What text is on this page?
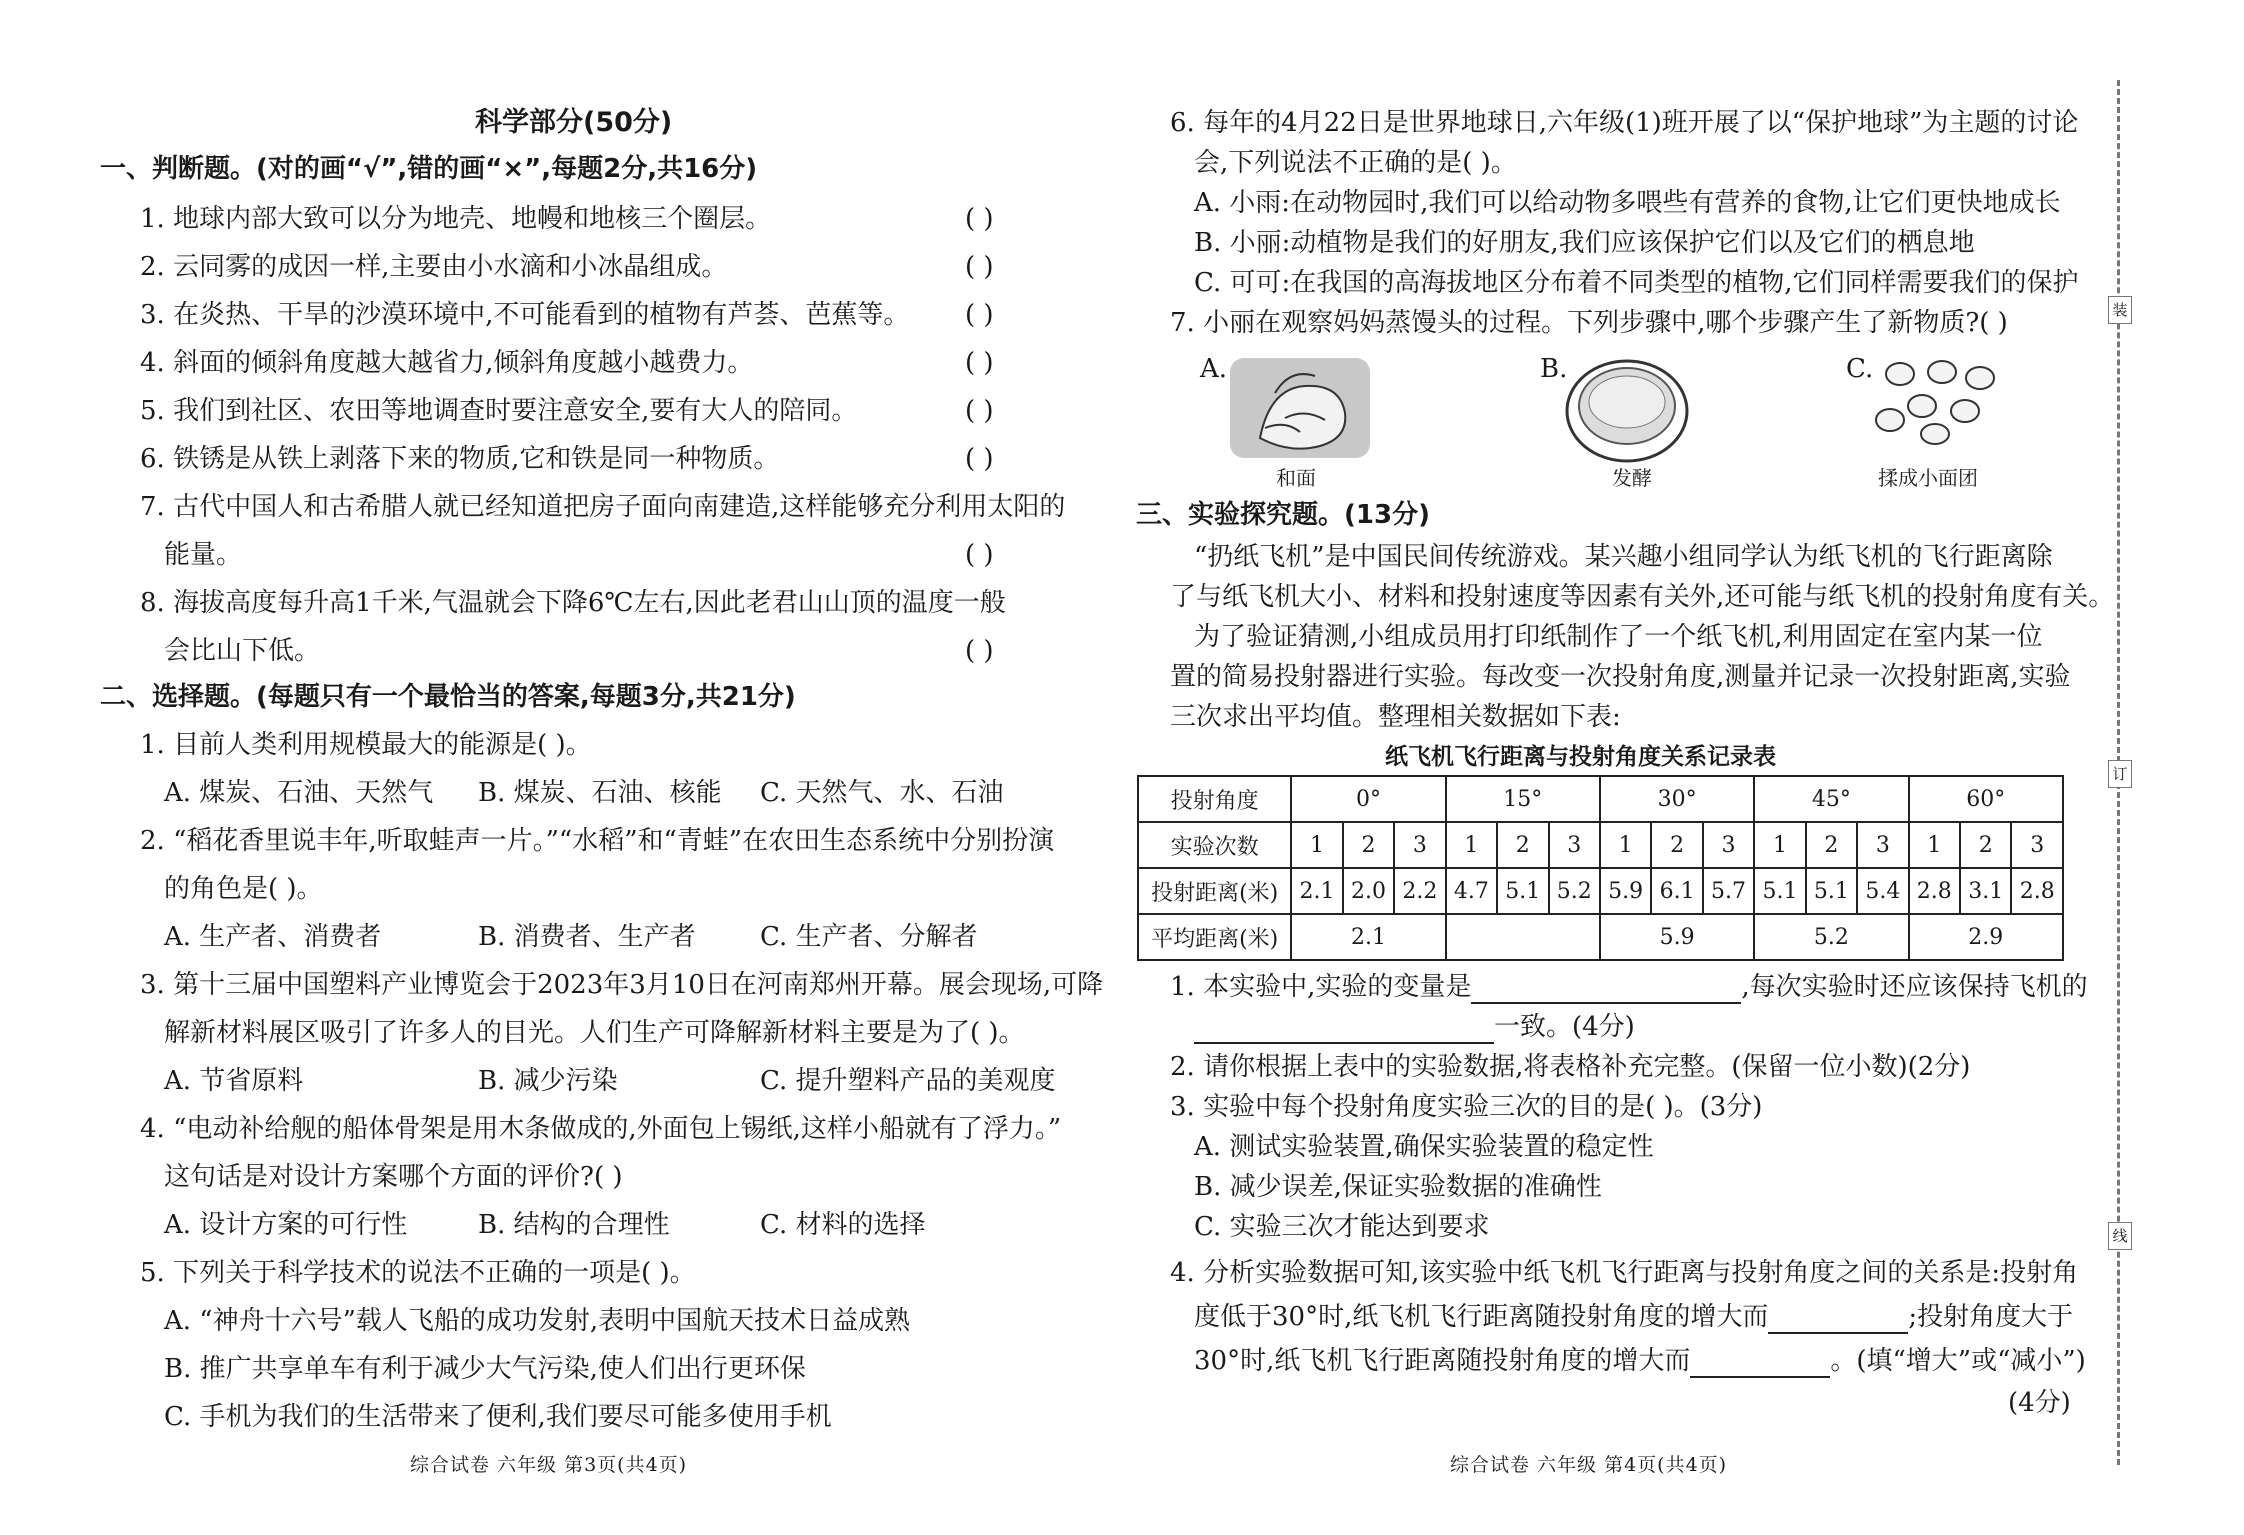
科学部分(50分)
一、判断题。(对的画“√”,错的画“×”,每题2分,共16分)
1. 地球内部大致可以分为地壳、地幔和地核三个圈层。	( )
2. 云同雾的成因一样,主要由小水滴和小冰晶组成。	( )
3. 在炎热、干旱的沙漠环境中,不可能看到的植物有芦荟、芭蕉等。 ( )
4. 斜面的倾斜角度越大越省力,倾斜角度越小越费力。	( )
5. 我们到社区、农田等地调查时要注意安全,要有大人的陪同。	( )
6. 铁锈是从铁上剥落下来的物质,它和铁是同一种物质。	( )
7. 古代中国人和古希腊人就已经知道把房子面向南建造,这样能够充分利用太阳的
能量。	( )
8. 海拔高度每升高1千米,气温就会下降6℃左右,因此老君山山顶的温度一般
会比山下低。	( )
二、选择题。(每题只有一个最恰当的答案,每题3分,共21分)
1. 目前人类利用规模最大的能源是( )。
A. 煤炭、石油、天然气 B. 煤炭、石油、核能 C. 天然气、水、石油
2. “稻花香里说丰年,听取蛙声一片。”“水稻”和“青蛙”在农田生态系统中分别扮演
的角色是( )。
A. 生产者、消费者	B. 消费者、生产者 C. 生产者、分解者
3. 第十三届中国塑料产业博览会于2023年3月10日在河南郑州开幕。展会现场,可降
解新材料展区吸引了许多人的目光。人们生产可降解新材料主要是为了( )。
A. 节省原料	B. 减少污染	C. 提升塑料产品的美观度
4. “电动补给舰的船体骨架是用木条做成的,外面包上锡纸,这样小船就有了浮力。”
这句话是对设计方案哪个方面的评价?( )
A. 设计方案的可行性	B. 结构的合理性	C. 材料的选择
5. 下列关于科学技术的说法不正确的一项是( )。
A. “神舟十六号”载人飞船的成功发射,表明中国航天技术日益成熟
B. 推广共享单车有利于减少大气污染,使人们出行更环保
C. 手机为我们的生活带来了便利,我们要尽可能多使用手机
综合试卷 六年级 第3页(共4页)
6. 每年的4月22日是世界地球日,六年级(1)班开展了以“保护地球”为主题的讨论
会,下列说法不正确的是( )。
A. 小雨:在动物园时,我们可以给动物多喂些有营养的食物,让它们更快地成长
B. 小丽:动植物是我们的好朋友,我们应该保护它们以及它们的栖息地
C. 可可:在我国的高海拔地区分布着不同类型的植物,它们同样需要我们的保护
7. 小丽在观察妈妈蒸馒头的过程。下列步骤中,哪个步骤产生了新物质?( )
A.
和面
B.
发酵
C.
揉成小面团
三、实验探究题。(13分)
“扔纸飞机”是中国民间传统游戏。某兴趣小组同学认为纸飞机的飞行距离除
了与纸飞机大小、材料和投射速度等因素有关外,还可能与纸飞机的投射角度有关。
为了验证猜测,小组成员用打印纸制作了一个纸飞机,利用固定在室内某一位
置的简易投射器进行实验。每改变一次投射角度,测量并记录一次投射距离,实验
三次求出平均值。整理相关数据如下表:
纸飞机飞行距离与投射角度关系记录表
投射角度	0°			15°			30°			45°			60°		
实验次数	1	2	3	1	2	3	1	2	3	1	2	3	1	2	3
投射距离(米)	2.1	2.0	2.2	4.7	5.1	5.2	5.9	6.1	5.7	5.1	5.1	5.4	2.8	3.1	2.8
平均距离(米)	2.1						5.9			5.2			2.9		
1. 本实验中,实验的变量是	,每次实验时还应该保持飞机的
一致。(4分)
2. 请你根据上表中的实验数据,将表格补充完整。(保留一位小数)(2分)
3. 实验中每个投射角度实验三次的目的是( )。(3分)
A. 测试实验装置,确保实验装置的稳定性
B. 减少误差,保证实验数据的准确性
C. 实验三次才能达到要求
4. 分析实验数据可知,该实验中纸飞机飞行距离与投射角度之间的关系是:投射角
度低于30°时,纸飞机飞行距离随投射角度的增大而	;投射角度大于
30°时,纸飞机飞行距离随投射角度的增大而	。(填“增大”或“减小”)
(4分)
综合试卷 六年级 第4页(共4页)
装
订
线
